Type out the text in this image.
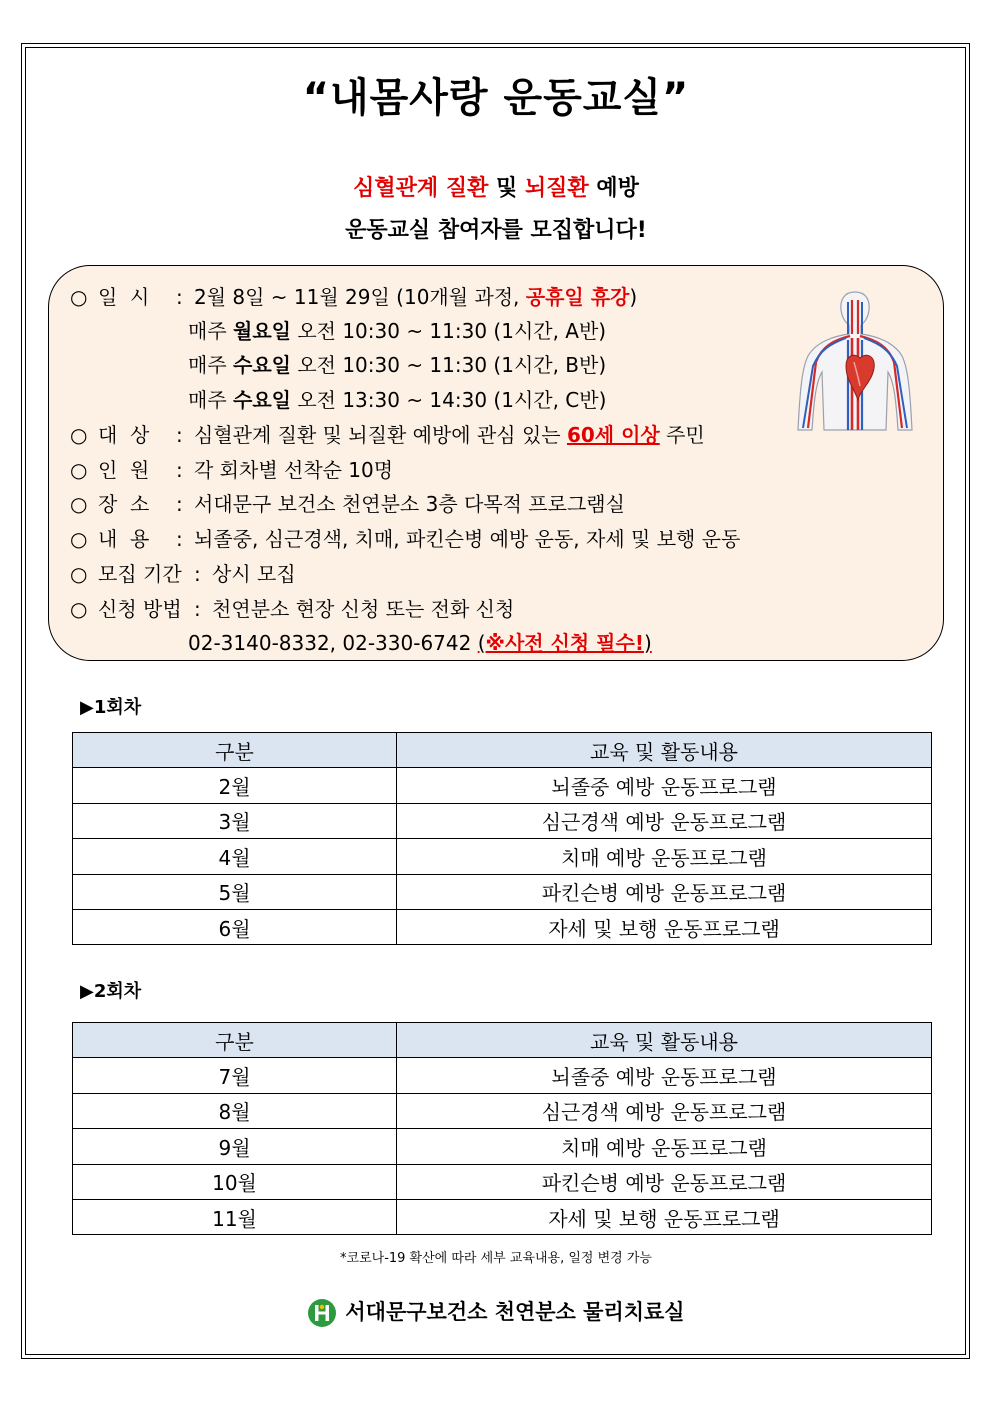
“내몸사랑 운동교실”
심혈관계 질환 및 뇌질환 예방
운동교실 참여자를 모집합니다!
○ 일  시 : 2월 8일 ~ 11월 29일 (10개월 과정, 공휴일 휴강)
매주 월요일 오전 10:30 ~ 11:30 (1시간, A반)
매주 수요일 오전 10:30 ~ 11:30 (1시간, B반)
매주 수요일 오전 13:30 ~ 14:30 (1시간, C반)
○ 대  상 : 심혈관계 질환 및 뇌질환 예방에 관심 있는 60세 이상 주민
○ 인  원 : 각 회차별 선착순 10명
○ 장  소 : 서대문구 보건소 천연분소 3층 다목적 프로그램실
○ 내  용 : 뇌졸중, 심근경색, 치매, 파킨슨병 예방 운동, 자세 및 보행 운동
○ 모집 기간 : 상시 모집
○ 신청 방법 : 천연분소 현장 신청 또는 전화 신청
02-3140-8332, 02-330-6742 (※사전 신청 필수!)
▶1회차
구분	교육 및 활동내용
2월	뇌졸중 예방 운동프로그램
3월	심근경색 예방 운동프로그램
4월	치매 예방 운동프로그램
5월	파킨슨병 예방 운동프로그램
6월	자세 및 보행 운동프로그램
▶2회차
구분	교육 및 활동내용
7월	뇌졸중 예방 운동프로그램
8월	심근경색 예방 운동프로그램
9월	치매 예방 운동프로그램
10월	파킨슨병 예방 운동프로그램
11월	자세 및 보행 운동프로그램
*코로나-19 확산에 따라 세부 교육내용, 일정 변경 가능
서대문구보건소 천연분소 물리치료실
